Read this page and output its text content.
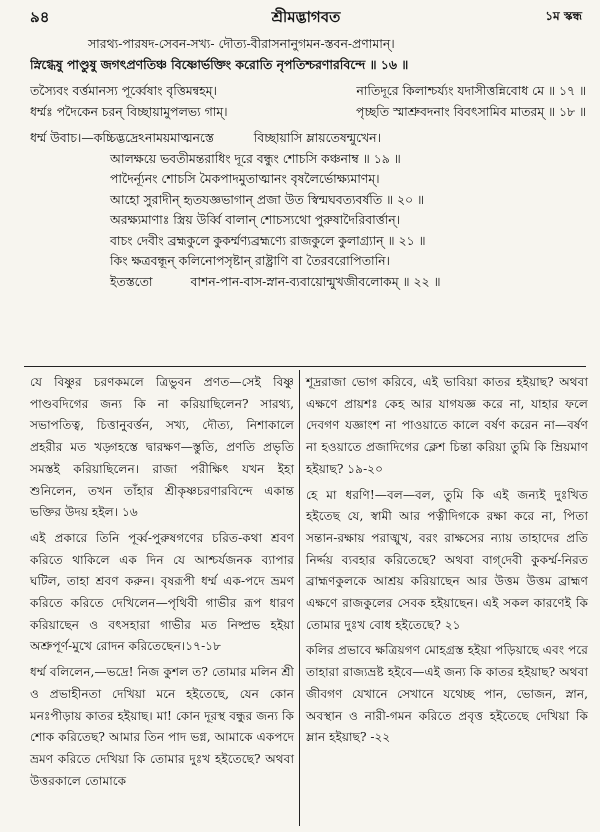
৯৪	শ্রীমদ্ভাগবত	১ম স্কন্ধ
সারথ্য-পারষদ-সেবন-সখ্য- দৌত্য-বীরাসনানুগমন-স্তবন-প্রণামান্।
স্নিগ্ধেষু পাণ্ডুষু জগৎপ্রণতিঞ্চ বিষ্ণোর্ভক্তিং করোতি নৃপতিশ্চরণারবিন্দে ॥ ১৬ ॥
তস্যৈবং বর্ত্তমানস্য পূর্ব্বেষাং বৃত্তিমন্বহম্।	নাতিদূরে কিলাশ্চর্য্যং যদাসীত্তন্নিবোধ মে ॥ ১৭ ॥
ধর্ম্মঃ পদৈকেন চরন্ বিচ্ছায়ামুপলভ্য গাম্।	পৃচ্ছতি স্মাশ্রুবদনাং বিবৎসামিব মাতরম্ ॥ ১৮ ॥
ধর্ম্ম উবাচ।—কচ্চিদ্ভদ্রেঽনাময়মাত্মনস্তে	বিচ্ছায়াসি ম্লায়তেষন্মুখেন।
আলক্ষয়ে ভবতীমন্তরাধিং দূরে বন্ধুং শোচসি কঞ্চনাম্ব ॥ ১৯ ॥
পাদৈর্ন্যূনং শোচসি মৈকপাদমুতাত্মানং বৃষলৈর্ভোক্ষ্যমাণম্।
আহো সুরাদীন্ হৃতযজ্ঞভাগান্ প্রজা উত স্বিন্মঘবত্যবর্ষতি ॥ ২০ ॥
অরক্ষ্যমাণাঃ স্ত্রিয় উর্ব্বি বালান্ শোচস্যথো পুরুষাদৈরিবার্ত্তান্।
বাচং দেবীং ব্রহ্মকুলে কুকর্ম্মণ্যব্রহ্মণ্যে রাজকুলে কুলাগ্র্যান্ ॥ ২১ ॥
কিং ক্ষত্রবন্ধূন্ কলিনোপসৃষ্টান্ রাষ্ট্রাণি বা তৈরবরোপিতানি।
ইতস্ততো	বাশন-পান-বাস-স্নান-ব্যবায়োন্মুখজীবলোকম্ ॥ ২২ ॥

যে বিষ্ণুর চরণকমলে ত্রিভুবন প্রণত—সেই বিষ্ণু পাণ্ডবদিগের জন্য কি না করিয়াছিলেন? সারথ্য, সভাপতিত্ব, চিত্তানুবর্ত্তন, সখ্য, দৌত্য, নিশাকালে প্রহরীর মত খড়্গহস্তে দ্বারক্ষণ—স্তুতি, প্রণতি প্রভৃতি সমস্তই করিয়াছিলেন। রাজা পরীক্ষিৎ যখন ইহা শুনিলেন, তখন তাঁহার শ্রীকৃষ্ণচরণারবিন্দে একান্ত ভক্তির উদয় হইল। ১৬

এই প্রকারে তিনি পূর্ব্ব-পুরুষগণের চরিত-কথা শ্রবণ করিতে থাকিলে এক দিন যে আশ্চর্যজনক ব্যাপার ঘটিল, তাহা শ্রবণ করুন। বৃষরূপী ধর্ম্ম এক-পদে ভ্রমণ করিতে করিতে দেখিলেন—পৃথিবী গাভীর রূপ ধারণ করিয়াছেন ও বৎসহারা গাভীর মত নিষ্প্রভ হইয়া অশ্রুপূর্ণ-মুখে রোদন করিতেছেন।১৭-১৮

ধর্ম্ম বলিলেন,—ভদ্রে! নিজ কুশল ত? তোমার মলিন শ্রী ও প্রভাহীনতা দেখিয়া মনে হইতেছে, যেন কোন মনঃপীড়ায় কাতর হইয়াছ। মা! কোন দূরস্থ বন্ধুর জন্য কি শোক করিতেছ? আমার তিন পাদ ভগ্ন, আমাকে একপদে ভ্রমণ করিতে দেখিয়া কি তোমার দুঃখ হইতেছে? অথবা উত্তরকালে তোমাকে

শূদ্ররাজা ভোগ করিবে, এই ভাবিয়া কাতর হইয়াছ? অথবা এক্ষণে প্রায়শঃ কেহ আর যাগযজ্ঞ করে না, যাহার ফলে দেবগণ যজ্ঞাংশ না পাওয়াতে কালে বর্ষণ করেন না—বর্ষণ না হওয়াতে প্রজাদিগের ক্লেশ চিন্তা করিয়া তুমি কি ম্রিয়মাণ হইয়াছ? ১৯-২০

হে মা ধরণি!—বল—বল, তুমি কি এই জন্যই দুঃখিত হইতেছ যে, স্বামী আর পত্নীদিগকে রক্ষা করে না, পিতা সন্তান-রক্ষায় পরাঙ্মুখ, বরং রাক্ষসের ন্যায় তাহাদের প্রতি নির্দ্দয় ব্যবহার করিতেছে? অথবা বাগ্‌দেবী কুকর্ম্ম-নিরত ব্রাহ্মণকুলকে আশ্রয় করিয়াছেন আর উত্তম উত্তম ব্রাহ্মণ এক্ষণে রাজকুলের সেবক হইয়াছেন। এই সকল কারণেই কি তোমার দুঃখ বোধ হইতেছে? ২১

কলির প্রভাবে ক্ষত্রিয়গণ মোহগ্রস্ত হইয়া পড়িয়াছে এবং পরে তাহারা রাজ্যভ্রষ্ট হইবে—এই জন্য কি কাতর হইয়াছ? অথবা জীবগণ যেখানে সেখানে যথেচ্ছ পান, ভোজন, স্নান, অবস্থান ও নারী-গমন করিতে প্রবৃত্ত হইতেছে দেখিয়া কি ম্লান হইয়াছ? -২২
